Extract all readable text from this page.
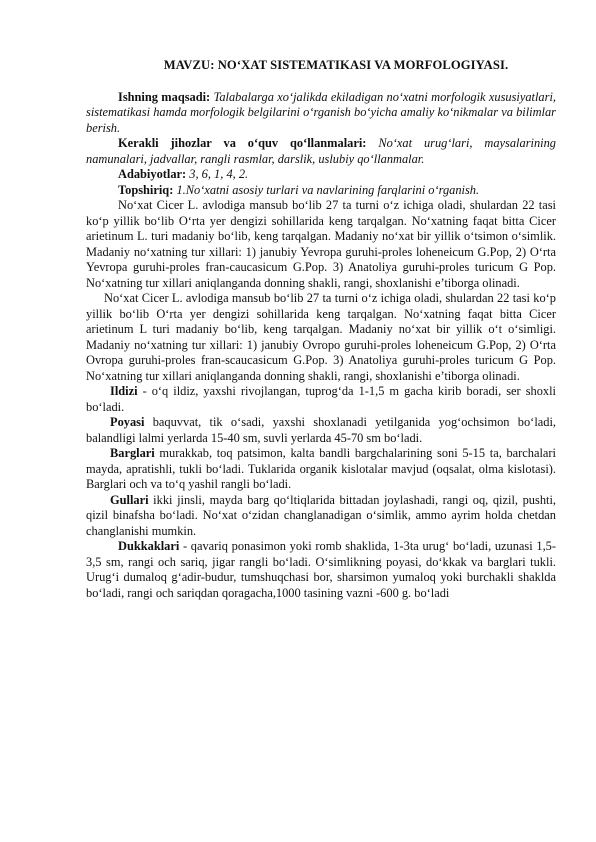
MAVZU: NO‘XAT SISTEMATIKASI VA MORFOLOGIYASI.

Ishning maqsadi: Talabalarga xo‘jalikda ekiladigan no‘xatni morfologik xususiyatlari, sistematikasi hamda morfologik belgilarini o‘rganish bo‘yicha amaliy ko‘nikmalar va bilimlar berish.

Kerakli jihozlar va o‘quv qo‘llanmalari: No‘xat urug‘lari, maysalarining namunalari, jadvallar, rangli rasmlar, darslik, uslubiy qo‘llanmalar.

Adabiyotlar: 3, 6, 1, 4, 2.

Topshiriq: 1.No‘xatni asosiy turlari va navlarining farqlarini o‘rganish.

No‘xat Cicer L. avlodiga mansub bo‘lib 27 ta turni o‘z ichiga oladi, shulardan 22 tasi ko‘p yillik bo‘lib O‘rta yer dengizi sohillarida keng tarqalgan. No‘xatning faqat bitta Cicer arietinum L. turi madaniy bo‘lib, keng tarqalgan. Madaniy no‘xat bir yillik o‘tsimon o‘simlik. Madaniy no‘xatning tur xillari: 1) janubiy Yevropa guruhi-proles loheneicum G.Pop, 2) O‘rta Yevropa guruhi-proles fran-caucasicum G.Pop. 3) Anatoliya guruhi-proles turicum G Pop. No‘xatning tur xillari aniqlanganda donning shakli, rangi, shoxlanishi e’tiborga olinadi.

No‘xat Cicer L. avlodiga mansub bo‘lib 27 ta turni o‘z ichiga oladi, shulardan 22 tasi ko‘p yillik bo‘lib O‘rta yer dengizi sohillarida keng tarqalgan. No‘xatning faqat bitta Cicer arietinum L turi madaniy bo‘lib, keng tarqalgan. Madaniy no‘xat bir yillik o‘t o‘simligi. Madaniy no‘xatning tur xillari: 1) janubiy Ovropo guruhi-proles loheneicum G.Pop, 2) O‘rta Ovropa guruhi-proles fran-scaucasicum G.Pop. 3) Anatoliya guruhi-proles turicum G Pop. No‘xatning tur xillari aniqlanganda donning shakli, rangi, shoxlanishi e’tiborga olinadi.

Ildizi - o‘q ildiz, yaxshi rivojlangan, tuprog‘da 1-1,5 m gacha kirib boradi, ser shoxli bo‘ladi.

Poyasi baquvvat, tik o‘sadi, yaxshi shoxlanadi yetilganida yog‘ochsimon bo‘ladi, balandligi lalmi yerlarda 15-40 sm, suvli yerlarda 45-70 sm bo‘ladi.

Barglari murakkab, toq patsimon, kalta bandli bargchalarining soni 5-15 ta, barchalari mayda, apratishli, tukli bo‘ladi. Tuklarida organik kislotalar mavjud (oqsalat, olma kislotasi). Barglari och va to‘q yashil rangli bo‘ladi.

Gullari ikki jinsli, mayda barg qo‘ltiqlarida bittadan joylashadi, rangi oq, qizil, pushti, qizil binafsha bo‘ladi. No‘xat o‘zidan changlanadigan o‘simlik, ammo ayrim holda chetdan changlanishi mumkin.

Dukkaklari - qavariq ponasimon yoki romb shaklida, 1-3ta urug‘ bo‘ladi, uzunasi 1,5-3,5 sm, rangi och sariq, jigar rangli bo‘ladi. O‘simlikning poyasi, do‘kkak va barglari tukli. Urug‘i dumaloq g‘adir-budur, tumshuqchasi bor, sharsimon yumaloq yoki burchakli shaklda bo‘ladi, rangi och sariqdan qoragacha,1000 tasining vazni -600 g. bo‘ladi
